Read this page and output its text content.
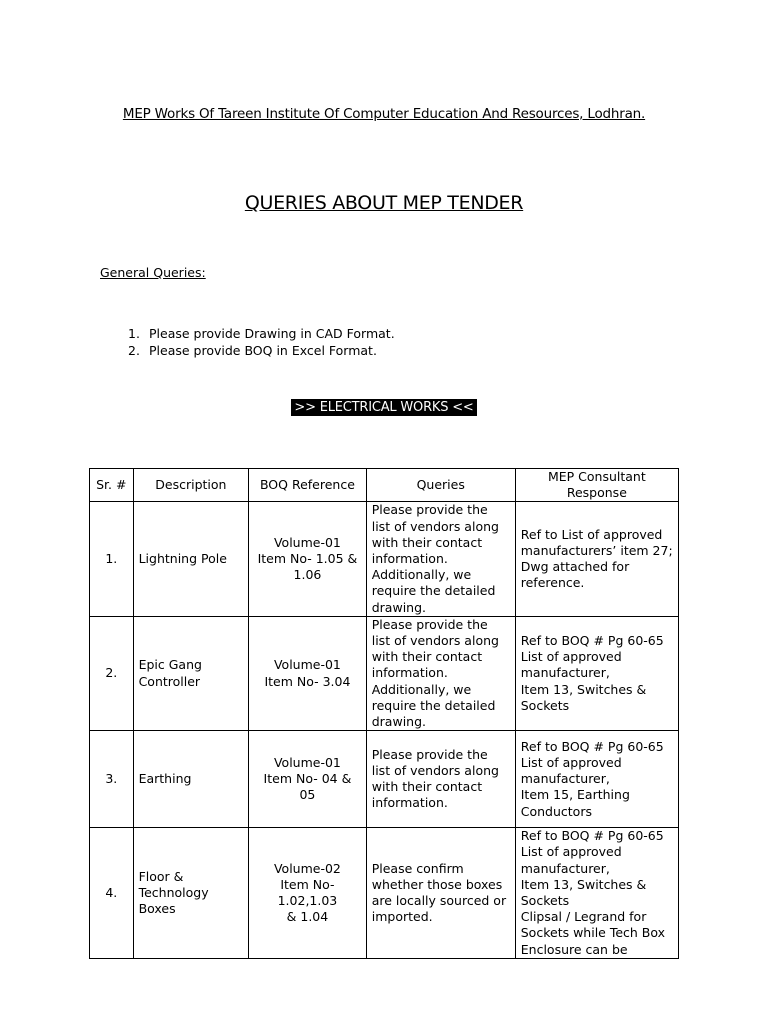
MEP Works Of Tareen Institute Of Computer Education And Resources, Lodhran.
QUERIES ABOUT MEP TENDER
General Queries:
1. Please provide Drawing in CAD Format.
2. Please provide BOQ in Excel Format.
>> ELECTRICAL WORKS <<
Sr. #	Description	BOQ Reference	Queries	MEP Consultant
Response
1.	Lightning Pole	Volume-01
Item No- 1.05 &
1.06	Please provide the list of vendors along with their contact information. Additionally, we require the detailed drawing.	Ref to List of approved manufacturers’ item 27; Dwg attached for reference.
2.	Epic Gang
Controller	Volume-01
Item No- 3.04	Please provide the list of vendors along with their contact information. Additionally, we require the detailed drawing.	Ref to BOQ # Pg 60-65
List of approved manufacturer,
Item 13, Switches &
Sockets
3.	Earthing	Volume-01
Item No- 04 & 05	Please provide the list of vendors along with their contact information.	Ref to BOQ # Pg 60-65
List of approved manufacturer,
Item 15, Earthing
Conductors
4.	Floor &
Technology
Boxes	Volume-02
Item No- 1.02,1.03
& 1.04	Please confirm whether those boxes are locally sourced or imported.	Ref to BOQ # Pg 60-65
List of approved manufacturer,
Item 13, Switches &
Sockets
Clipsal / Legrand for Sockets while Tech Box Enclosure can be
